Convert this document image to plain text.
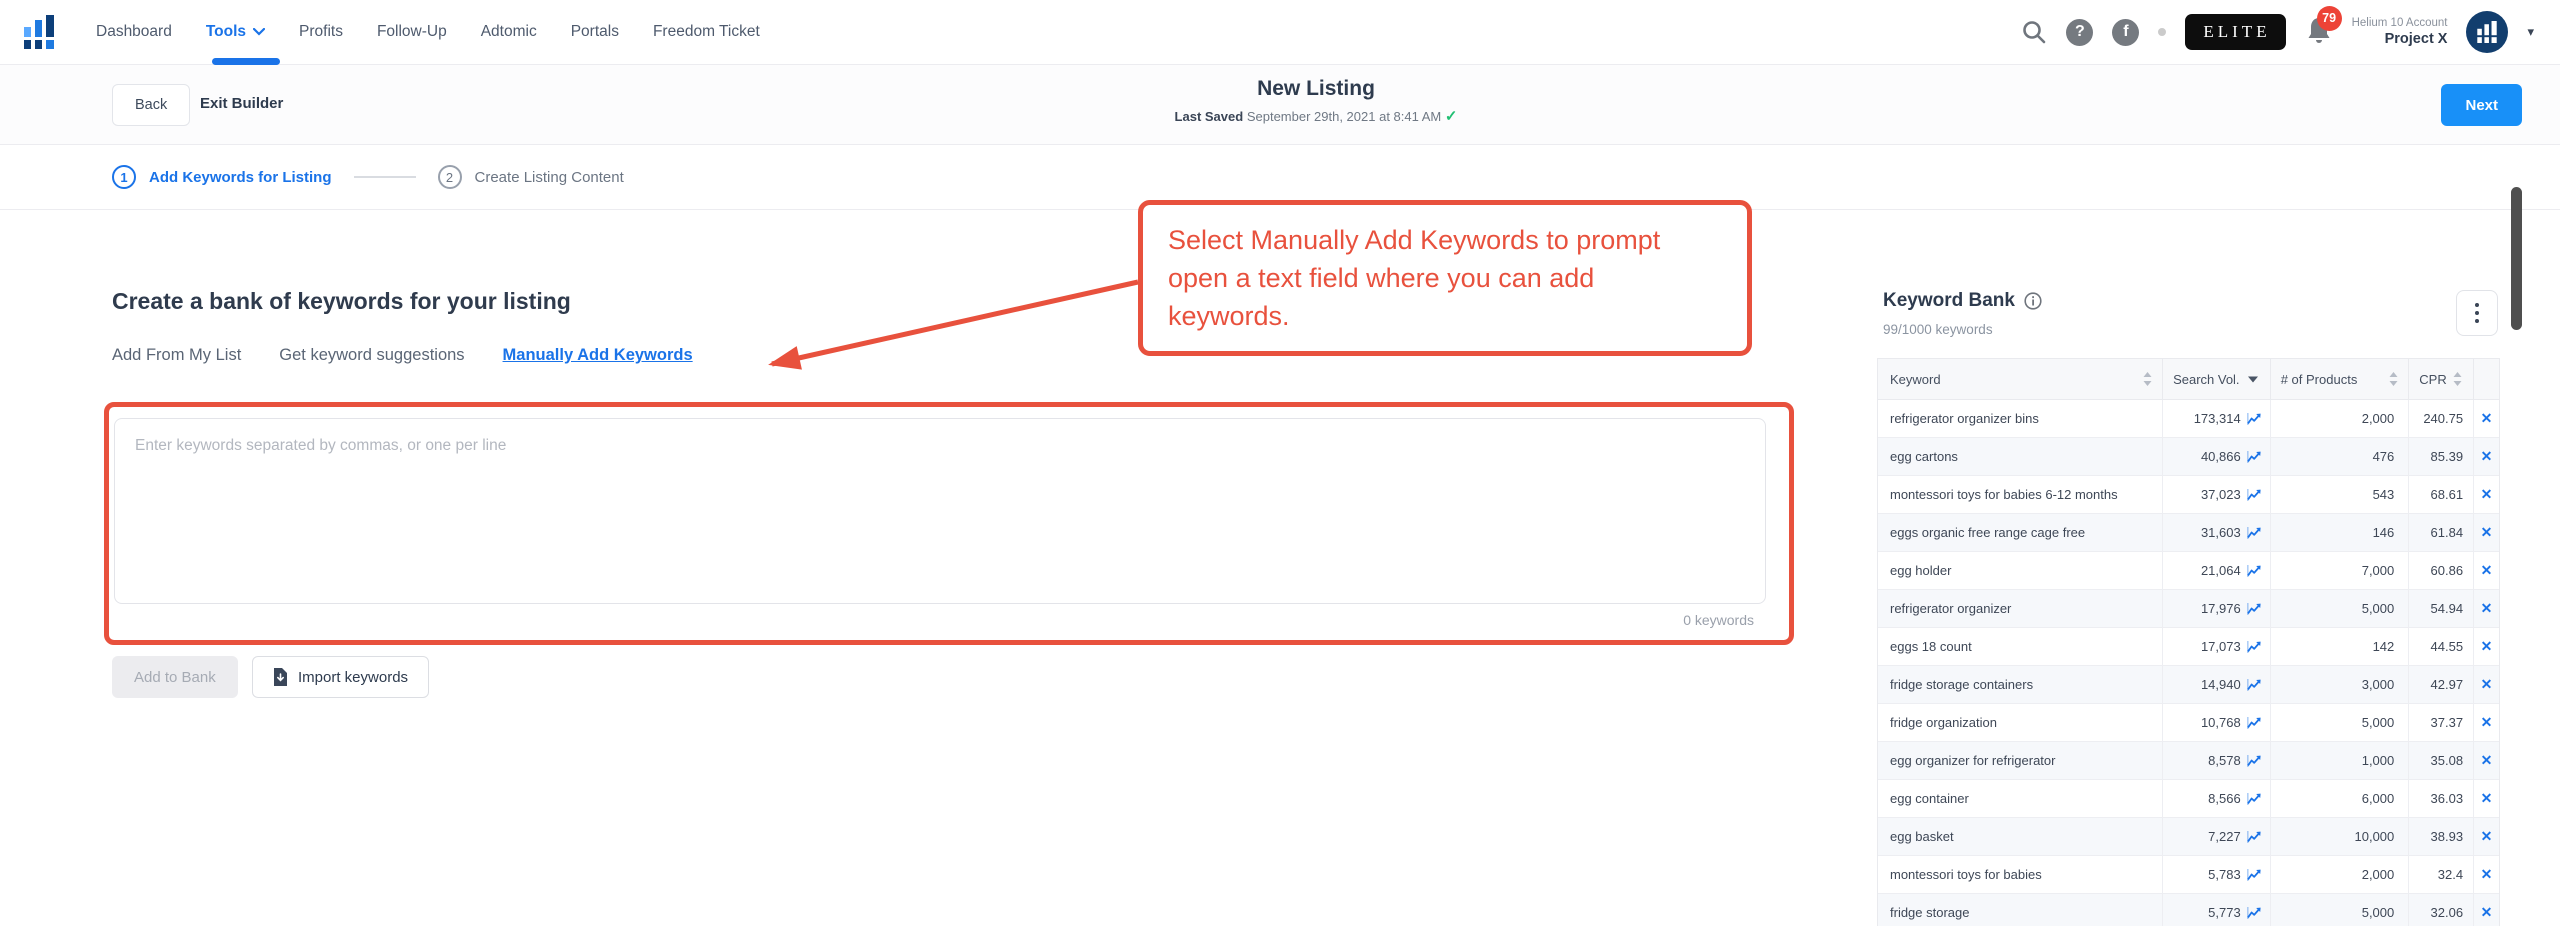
Dashboard Tools	Profits Follow-Up Adtomic Portals Freedom Ticket	?	f	ELITE
79	Helium 10 Account
Project X	▾
Back	Exit Builder
New Listing
Last Saved September 29th, 2021 at 8:41 AM ✓
Next
1	Add Keywords for Listing	2	Create Listing Content
Create a bank of keywords for your listing
Add From My List Get keyword suggestions Manually Add Keywords
Enter keywords separated by commas, or one per line
0 keywords
Add to Bank	Import keywords
Select Manually Add Keywords to prompt open a text field where you can add keywords.
Keyword Bank
99/1000 keywords
Keyword	Search Vol.	# of Products	CPR
refrigerator organizer bins	173,314	2,000	240.75	✕
egg cartons	40,866	476	85.39	✕
montessori toys for babies 6-12 months	37,023	543	68.61	✕
eggs organic free range cage free	31,603	146	61.84	✕
egg holder	21,064	7,000	60.86	✕
refrigerator organizer	17,976	5,000	54.94	✕
eggs 18 count	17,073	142	44.55	✕
fridge storage containers	14,940	3,000	42.97	✕
fridge organization	10,768	5,000	37.37	✕
egg organizer for refrigerator	8,578	1,000	35.08	✕
egg container	8,566	6,000	36.03	✕
egg basket	7,227	10,000	38.93	✕
montessori toys for babies	5,783	2,000	32.4	✕
fridge storage	5,773	5,000	32.06	✕
